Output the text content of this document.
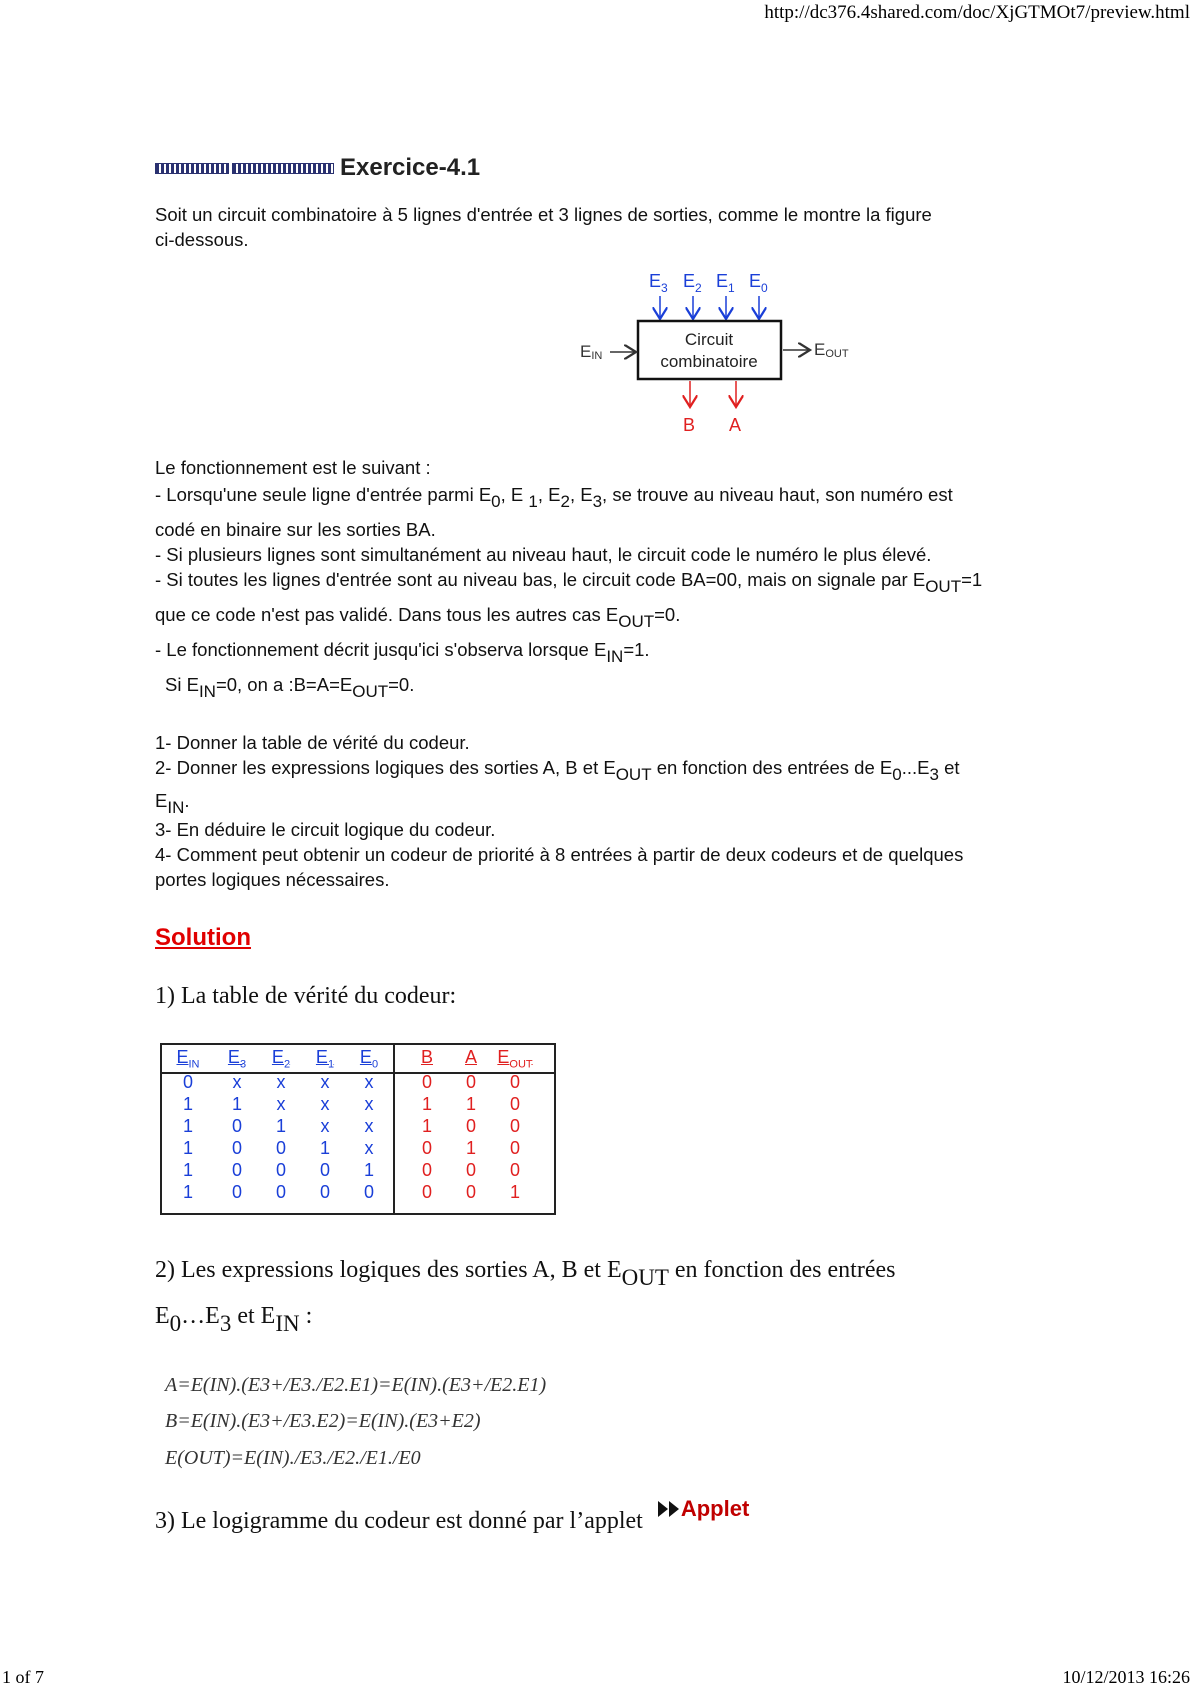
http://dc376.4shared.com/doc/XjGTMOt7/preview.html
1 of 7	10/12/2013 16:26
Exercice-4.1
Soit un circuit combinatoire à 5 lignes d'entrée et 3 lignes de sorties, comme le montre la figure
ci-dessous.
$E_3$ $E_2$ $E_1$ $E_0$
Circuit
combinatoire
EIN	EOUT
B A
Le fonctionnement est le suivant :
- Lorsqu'une seule ligne d'entrée parmi $E_0$, E $_1$, $E_2$, $E_3$, se trouve au niveau haut, son numéro est
codé en binaire sur les sorties BA.
- Si plusieurs lignes sont simultanément au niveau haut, le circuit code le numéro le plus élevé.
- Si toutes les lignes d'entrée sont au niveau bas, le circuit code BA=00, mais on signale par $E_{OUT}=1$
que ce code n'est pas validé. Dans tous les autres cas $E_{OUT}=0$.
- Le fonctionnement décrit jusqu'ici s'observa lorsque $E_{IN}=1$.
Si $E_{IN}=0$, on a $:B=A=E_{OUT}=0$.
1- Donner la table de vérité du codeur.
2- Donner les expressions logiques des sorties A, B et $E_{OUT}$ en fonction des entrées de $E_0...E_3$ et
$E_{IN}$.
3- En déduire le circuit logique du codeur.
4- Comment peut obtenir un codeur de priorité à 8 entrées à partir de deux codeurs et de quelques
portes logiques nécessaires.
Solution
1) La table de vérité du codeur:
$E_{IN}$	$E_3$	$E_2$	$E_1$	$E_0$	B	A	$E_{OUT}$
0	x	x	x	x	0	0	0
1	1	x	x	x	1	1	0
1	0	1	x	x	1	0	0
1	0	0	1	x	0	1	0
1	0	0	0	1	0	0	0
1	0	0	0	0	0	0	1
2) Les expressions logiques des sorties A, B et $E_{OUT}$ en fonction des entrées
$E_0\dots E_3$ et $E_{IN}$ :
A=E(IN).(E3+/E3./E2.E1)=E(IN).(E3+/E2.E1)
B=E(IN).(E3+/E3.E2)=E(IN).(E3+E2)
E(OUT)=E(IN)./E3./E2./E1./E0
3) Le logigramme du codeur est donné par l’applet Applet
